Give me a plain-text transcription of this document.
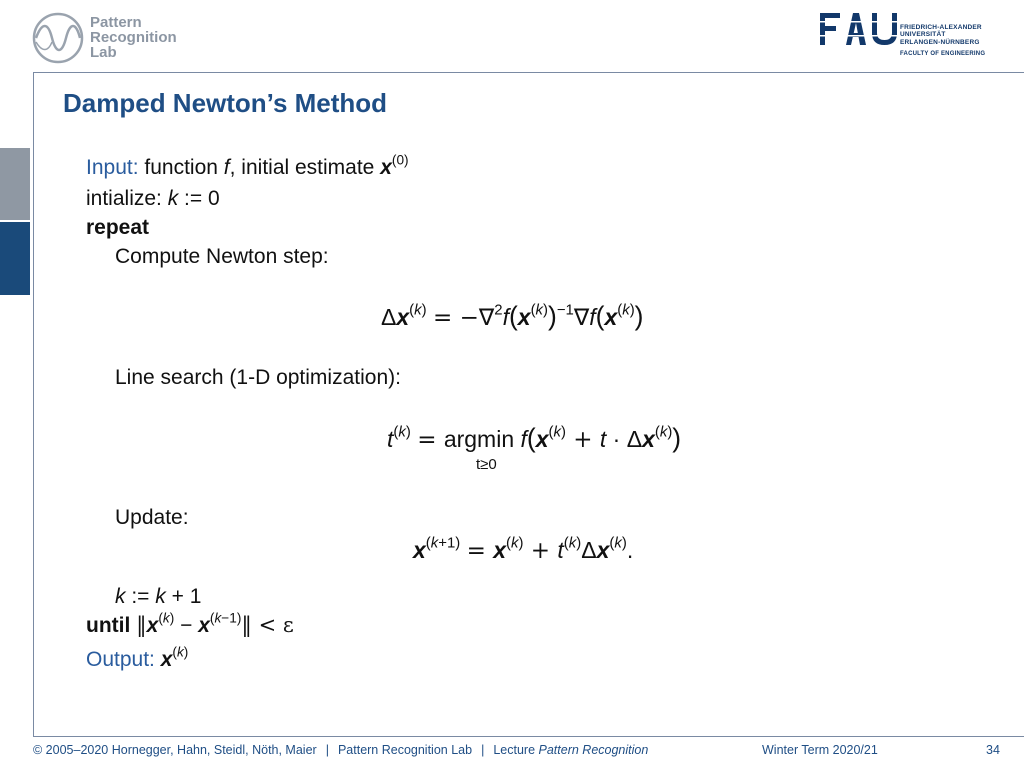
Pattern
Recognition
Lab
FRIEDRICH-ALEXANDER
UNIVERSITÄT
ERLANGEN-NÜRNBERG
FACULTY OF ENGINEERING
Damped Newton’s Method
Input: function f, initial estimate $x^{(0)}$
intialize: k := 0
repeat
Compute Newton step:
$\Delta x^{(k)} = -\nabla^2f(x^{(k)})^{-1}\nabla f(x^{(k)})$
Line search (1-D optimization):
$t^{(k)} = argmin$ $f(x^{(k)} + t \cdot \Delta x^{(k)})$
t≥0
Update:
$x^{(k+1)} = x^{(k)} + t^{(k)}\Delta x^{(k)}$.
k := k + 1
until $‖x^{(k)}$ − $x^{(k-1)}‖ < \varepsilon$
Output: $x^{(k)}$
© 2005–2020 Hornegger, Hahn, Steidl, Nöth, Maier | Pattern Recognition Lab | Lecture Pattern Recognition	Winter Term 2020/21	34
